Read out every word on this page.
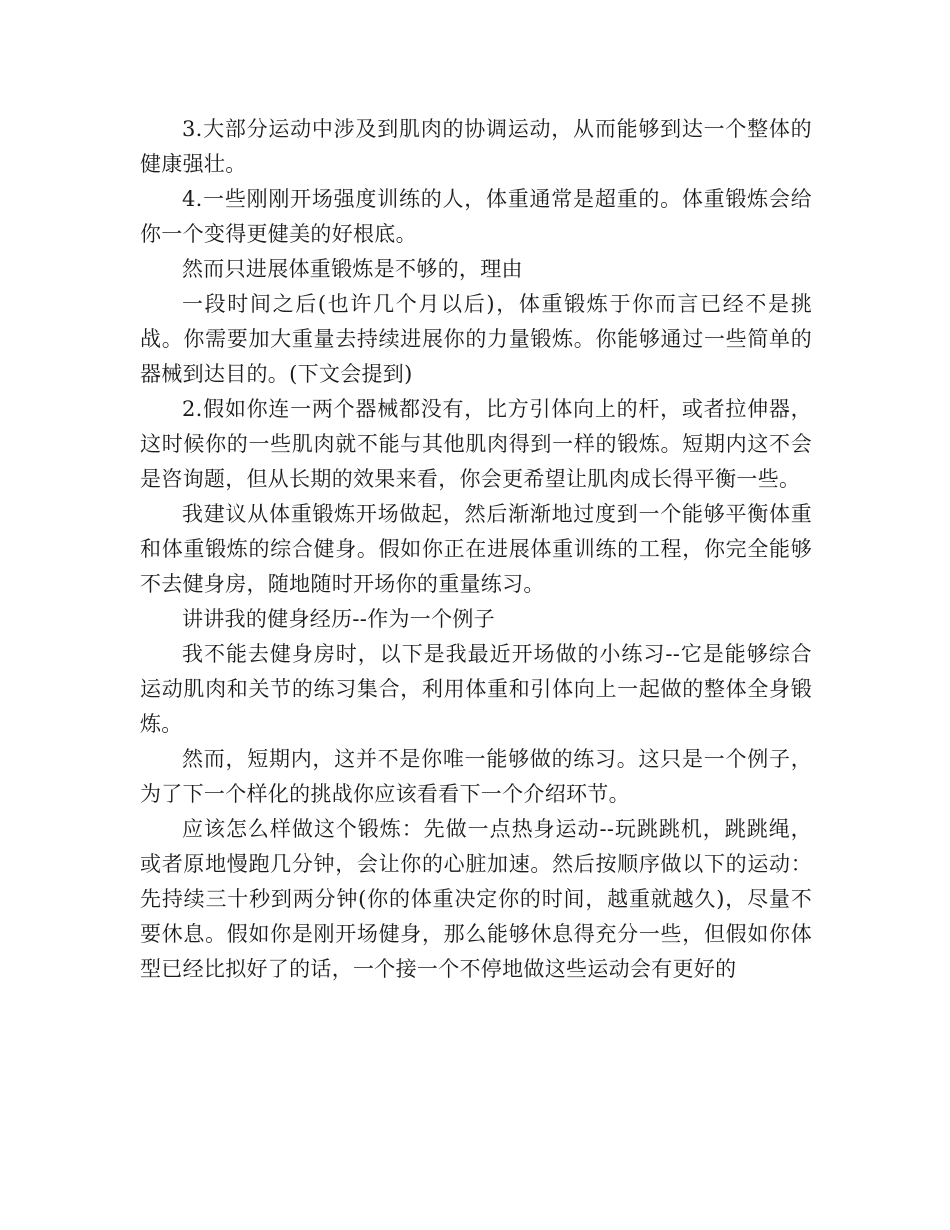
3.大部分运动中涉及到肌肉的协调运动，从而能够到达一个整体的健康强壮。

4.一些刚刚开场强度训练的人，体重通常是超重的。体重锻炼会给你一个变得更健美的好根底。

然而只进展体重锻炼是不够的，理由

一段时间之后(也许几个月以后)，体重锻炼于你而言已经不是挑战。你需要加大重量去持续进展你的力量锻炼。你能够通过一些简单的器械到达目的。(下文会提到)

2.假如你连一两个器械都没有，比方引体向上的杆，或者拉伸器，这时候你的一些肌肉就不能与其他肌肉得到一样的锻炼。短期内这不会是咨询题，但从长期的效果来看，你会更希望让肌肉成长得平衡一些。

我建议从体重锻炼开场做起，然后渐渐地过度到一个能够平衡体重和体重锻炼的综合健身。假如你正在进展体重训练的工程，你完全能够不去健身房，随地随时开场你的重量练习。

讲讲我的健身经历--作为一个例子

我不能去健身房时，以下是我最近开场做的小练习--它是能够综合运动肌肉和关节的练习集合，利用体重和引体向上一起做的整体全身锻炼。

然而，短期内，这并不是你唯一能够做的练习。这只是一个例子，为了下一个样化的挑战你应该看看下一个介绍环节。

应该怎么样做这个锻炼：先做一点热身运动--玩跳跳机，跳跳绳，或者原地慢跑几分钟，会让你的心脏加速。然后按顺序做以下的运动：先持续三十秒到两分钟(你的体重决定你的时间，越重就越久)，尽量不要休息。假如你是刚开场健身，那么能够休息得充分一些，但假如你体型已经比拟好了的话，一个接一个不停地做这些运动会有更好的
